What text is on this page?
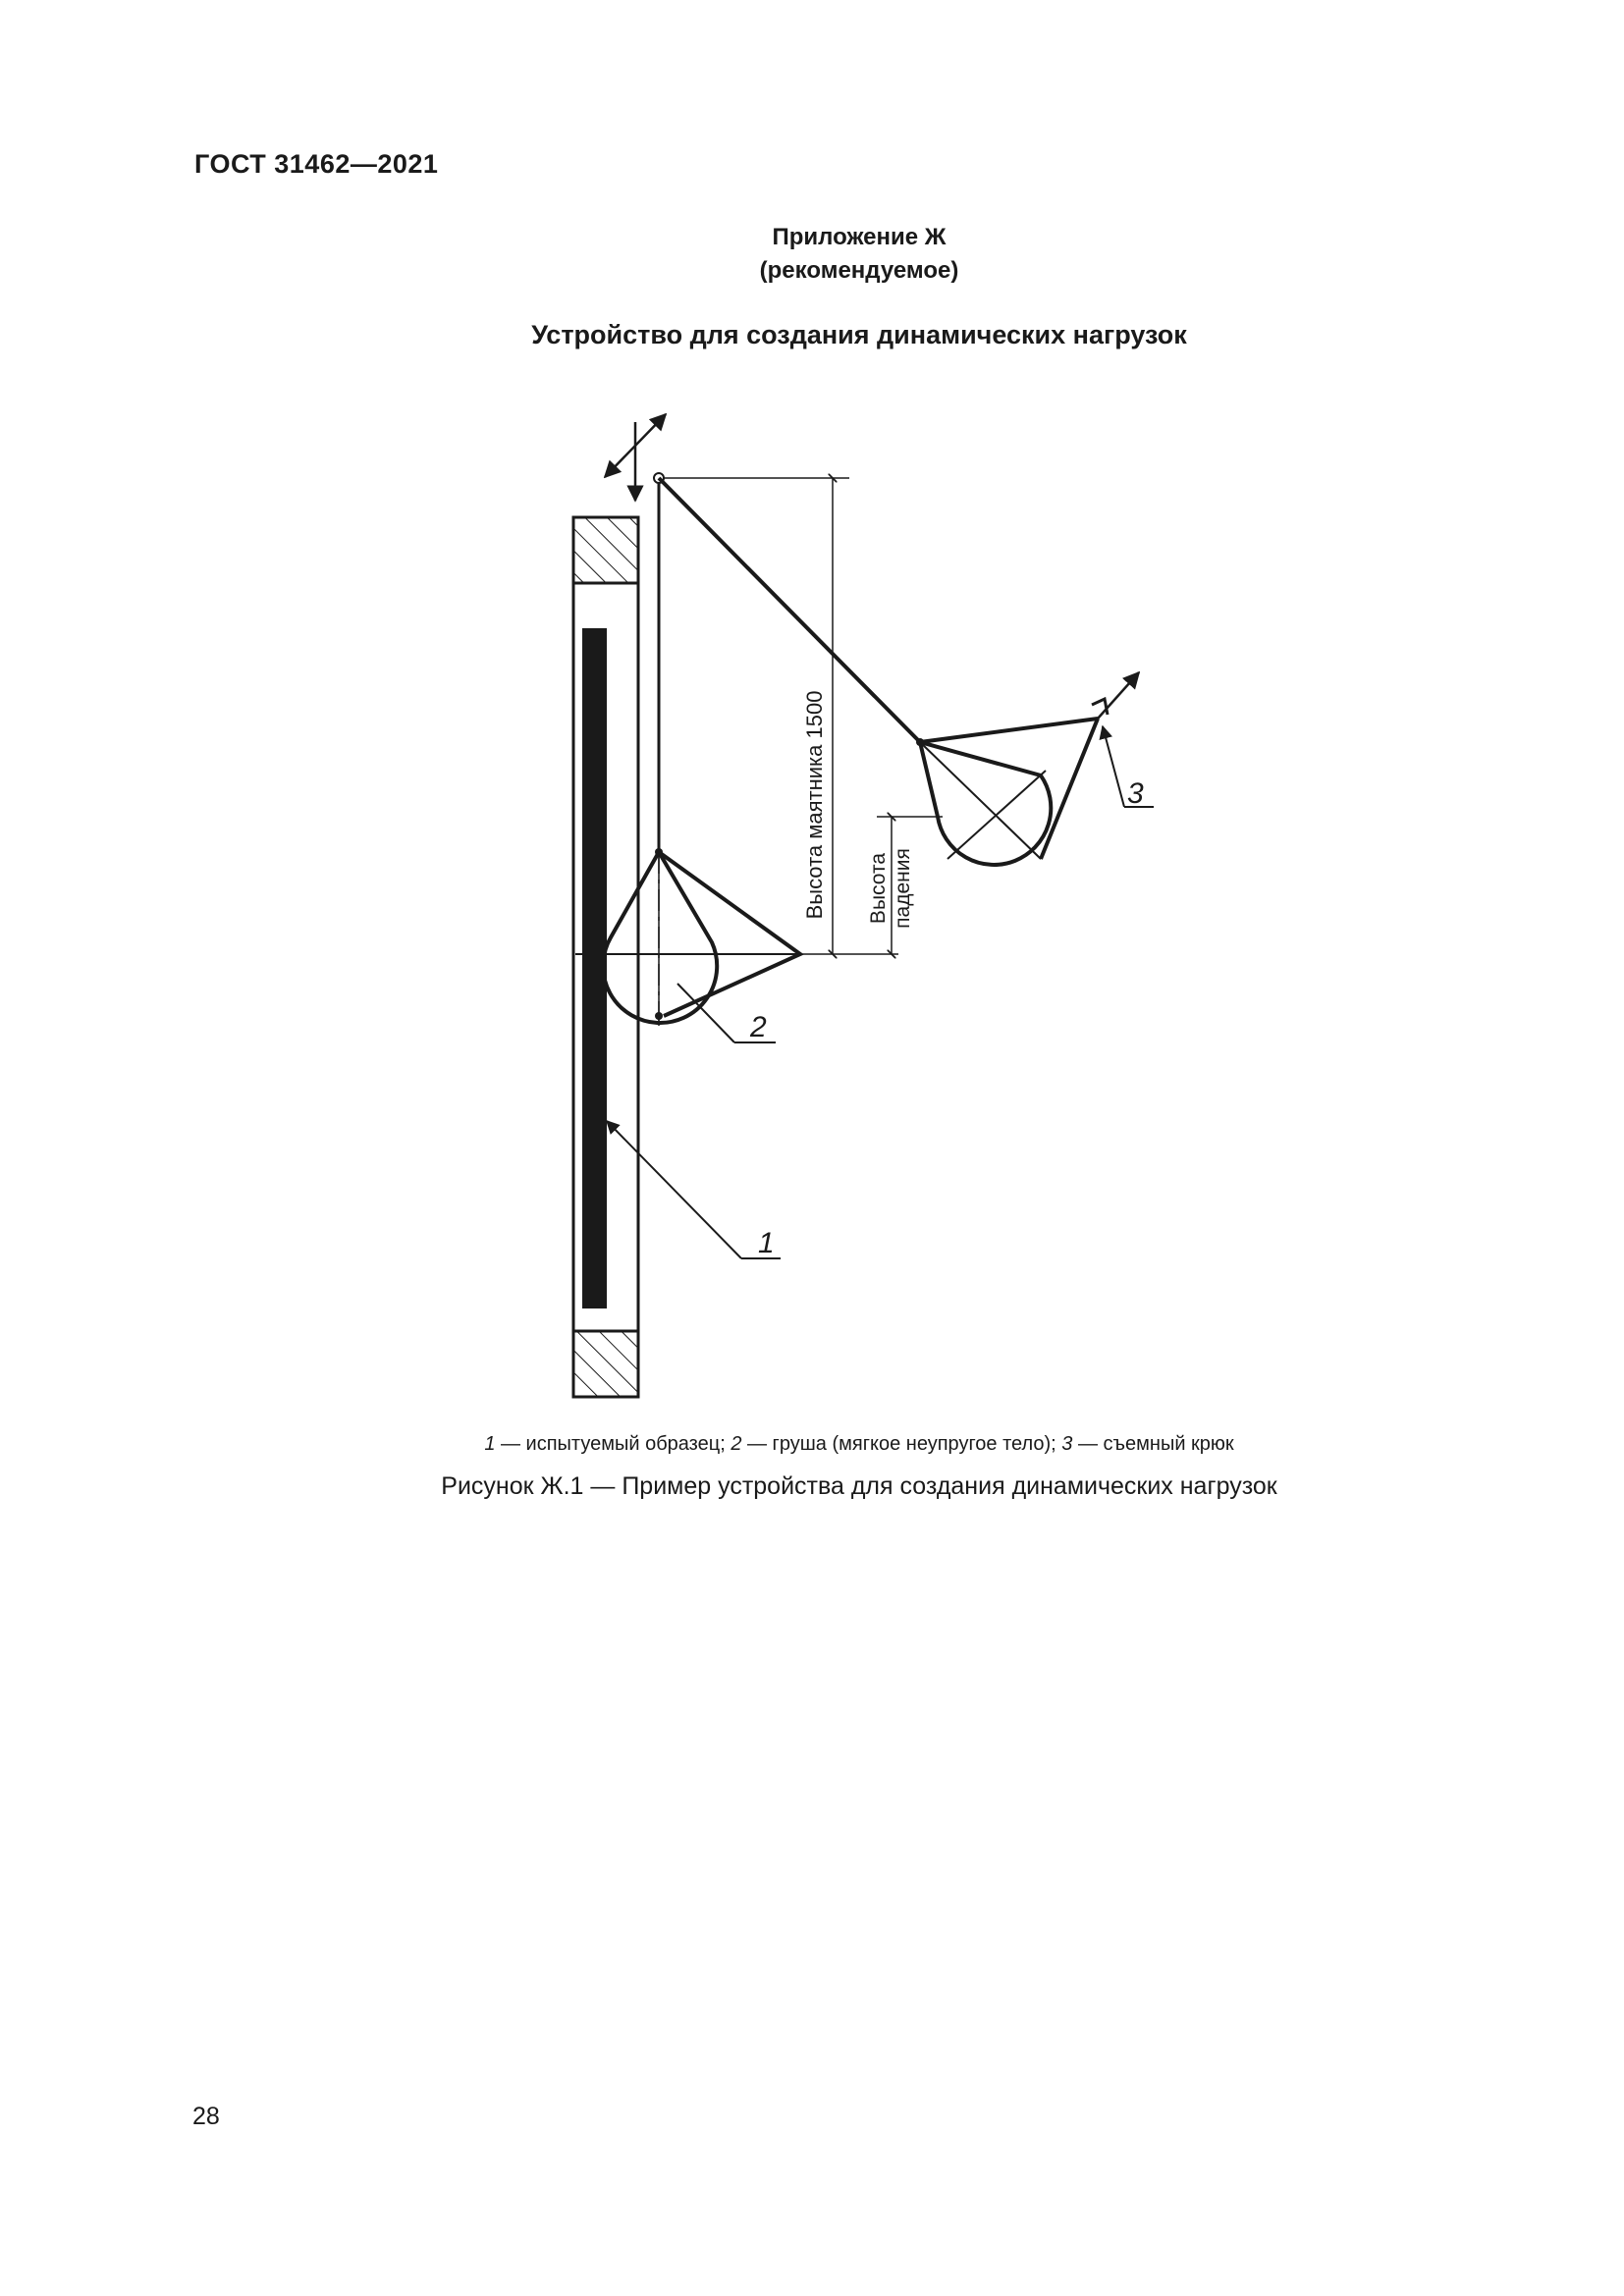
ГОСТ 31462—2021
Приложение Ж
(рекомендуемое)
Устройство для создания динамических нагрузок
Высота маятника 1500 Высота падения
1
2
3
1 — испытуемый образец; 2 — груша (мягкое неупругое тело); 3 — съемный крюк
Рисунок Ж.1 — Пример устройства для создания динамических нагрузок
28
